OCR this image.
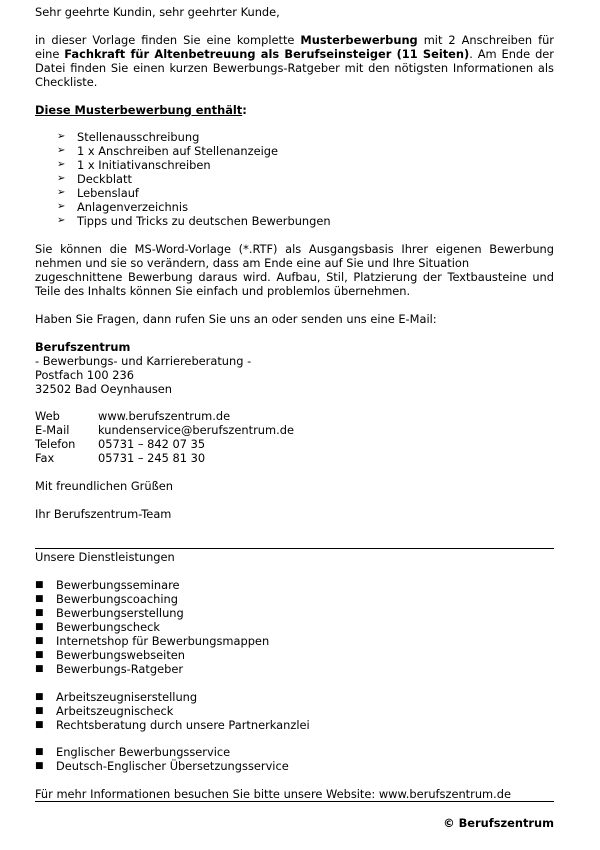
Sehr geehrte Kundin, sehr geehrter Kunde,
in dieser Vorlage finden Sie eine komplette Musterbewerbung mit 2 Anschreiben für
eine Fachkraft für Altenbetreuung als Berufseinsteiger (11 Seiten). Am Ende der
Datei finden Sie einen kurzen Bewerbungs-Ratgeber mit den nötigsten Informationen als
Checkliste.
Diese Musterbewerbung enthält:
➢	Stellenausschreibung
➢	1 x Anschreiben auf Stellenanzeige
➢	1 x Initiativanschreiben
➢	Deckblatt
➢	Lebenslauf
➢	Anlagenverzeichnis
➢	Tipps und Tricks zu deutschen Bewerbungen
Sie können die MS-Word-Vorlage (*.RTF) als Ausgangsbasis Ihrer eigenen Bewerbung
nehmen und sie so verändern, dass am Ende eine auf Sie und Ihre Situation
zugeschnittene Bewerbung daraus wird. Aufbau, Stil, Platzierung der Textbausteine und
Teile des Inhalts können Sie einfach und problemlos übernehmen.
Haben Sie Fragen, dann rufen Sie uns an oder senden uns eine E-Mail:
Berufszentrum
- Bewerbungs- und Karriereberatung -
Postfach 100 236
32502 Bad Oeynhausen
Web	www.berufszentrum.de
E-Mail	kundenservice@berufszentrum.de
Telefon 05731 – 842 07 35
Fax	05731 – 245 81 30
Mit freundlichen Grüßen
Ihr Berufszentrum-Team
Unsere Dienstleistungen
■ Bewerbungsseminare
■ Bewerbungscoaching
■ Bewerbungserstellung
■ Bewerbungscheck
■ Internetshop für Bewerbungsmappen
■ Bewerbungswebseiten
■ Bewerbungs-Ratgeber
■ Arbeitszeugniserstellung
■ Arbeitszeugnischeck
■ Rechtsberatung durch unsere Partnerkanzlei
■ Englischer Bewerbungsservice
■ Deutsch-Englischer Übersetzungsservice
Für mehr Informationen besuchen Sie bitte unsere Website: www.berufszentrum.de
© Berufszentrum
